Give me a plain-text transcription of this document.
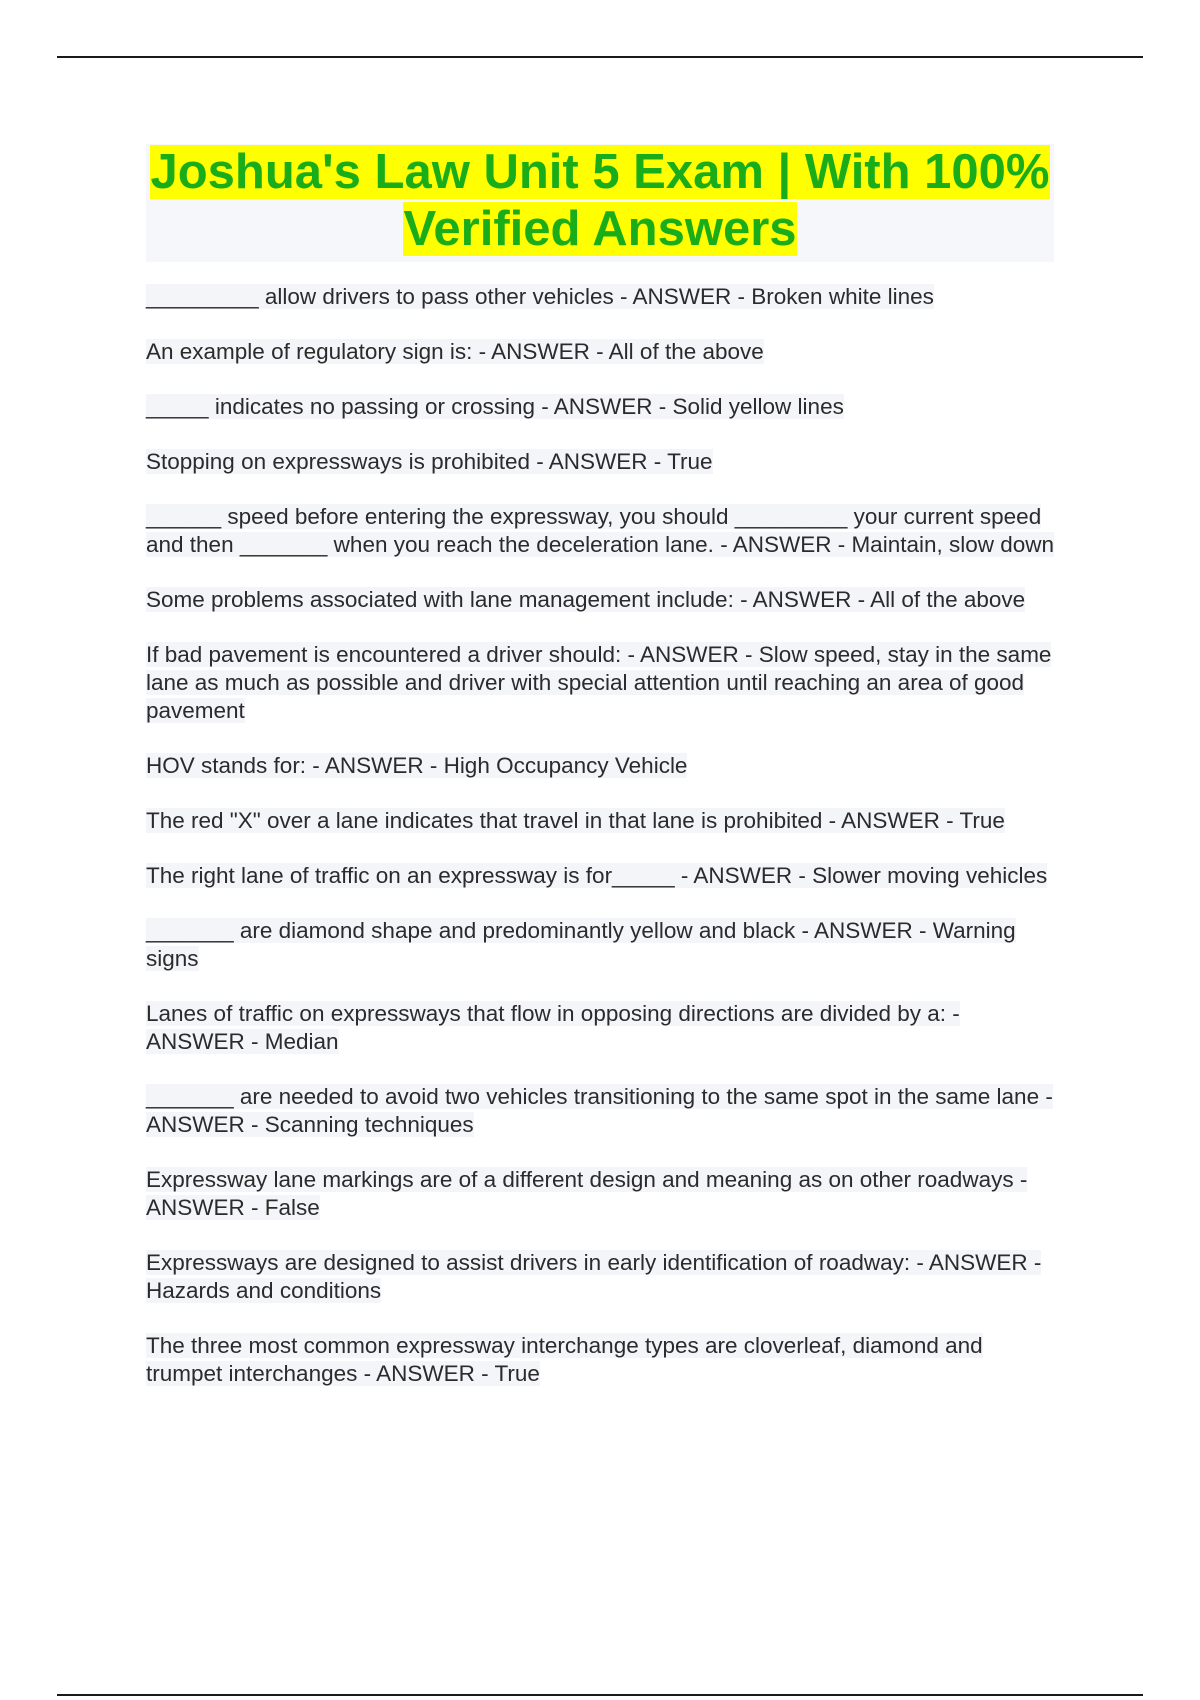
Joshua's Law Unit 5 Exam | With 100%
Verified Answers

_________ allow drivers to pass other vehicles - ANSWER - Broken white lines

An example of regulatory sign is: - ANSWER - All of the above

_____ indicates no passing or crossing - ANSWER - Solid yellow lines

Stopping on expressways is prohibited - ANSWER - True

______ speed before entering the expressway, you should _________ your current speed and then _______ when you reach the deceleration lane. - ANSWER - Maintain, slow down

Some problems associated with lane management include: - ANSWER - All of the above

If bad pavement is encountered a driver should: - ANSWER - Slow speed, stay in the same lane as much as possible and driver with special attention until reaching an area of good pavement

HOV stands for: - ANSWER - High Occupancy Vehicle

The red "X" over a lane indicates that travel in that lane is prohibited - ANSWER - True

The right lane of traffic on an expressway is for_____ - ANSWER - Slower moving vehicles

_______ are diamond shape and predominantly yellow and black - ANSWER - Warning signs

Lanes of traffic on expressways that flow in opposing directions are divided by a: - ANSWER - Median

_______ are needed to avoid two vehicles transitioning to the same spot in the same lane - ANSWER - Scanning techniques

Expressway lane markings are of a different design and meaning as on other roadways - ANSWER - False

Expressways are designed to assist drivers in early identification of roadway: - ANSWER - Hazards and conditions

The three most common expressway interchange types are cloverleaf, diamond and trumpet interchanges - ANSWER - True
